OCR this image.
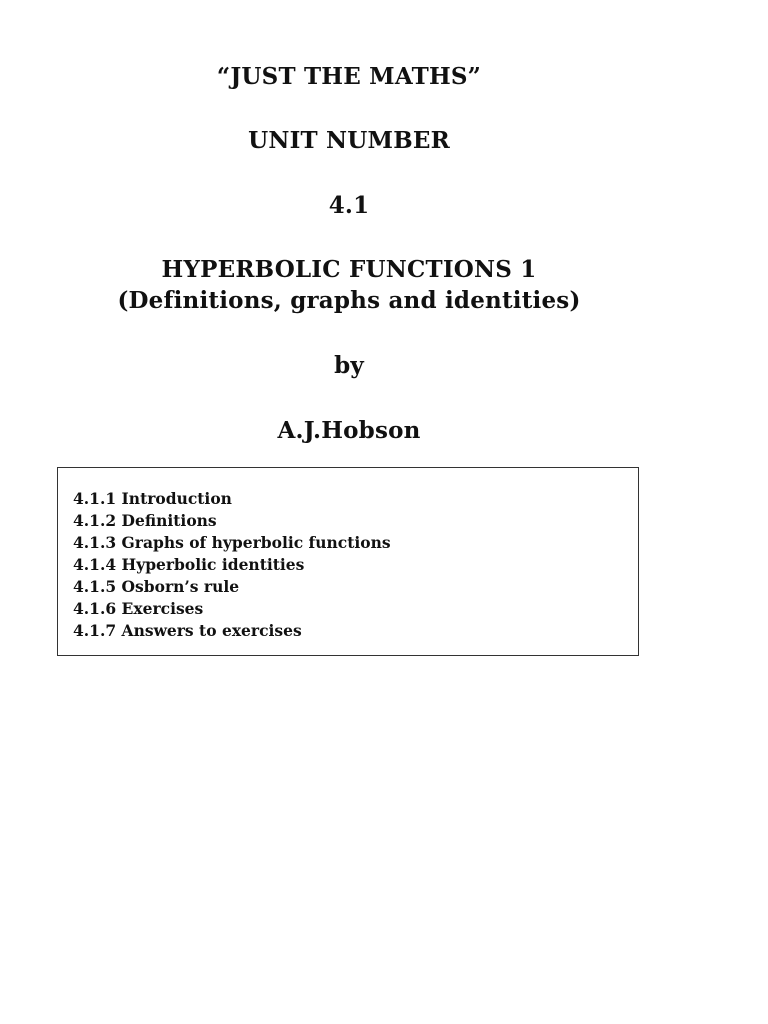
“JUST THE MATHS”
UNIT NUMBER
4.1
HYPERBOLIC FUNCTIONS 1
(Definitions, graphs and identities)
by
A.J.Hobson
4.1.1 Introduction
4.1.2 Definitions
4.1.3 Graphs of hyperbolic functions
4.1.4 Hyperbolic identities
4.1.5 Osborn’s rule
4.1.6 Exercises
4.1.7 Answers to exercises
